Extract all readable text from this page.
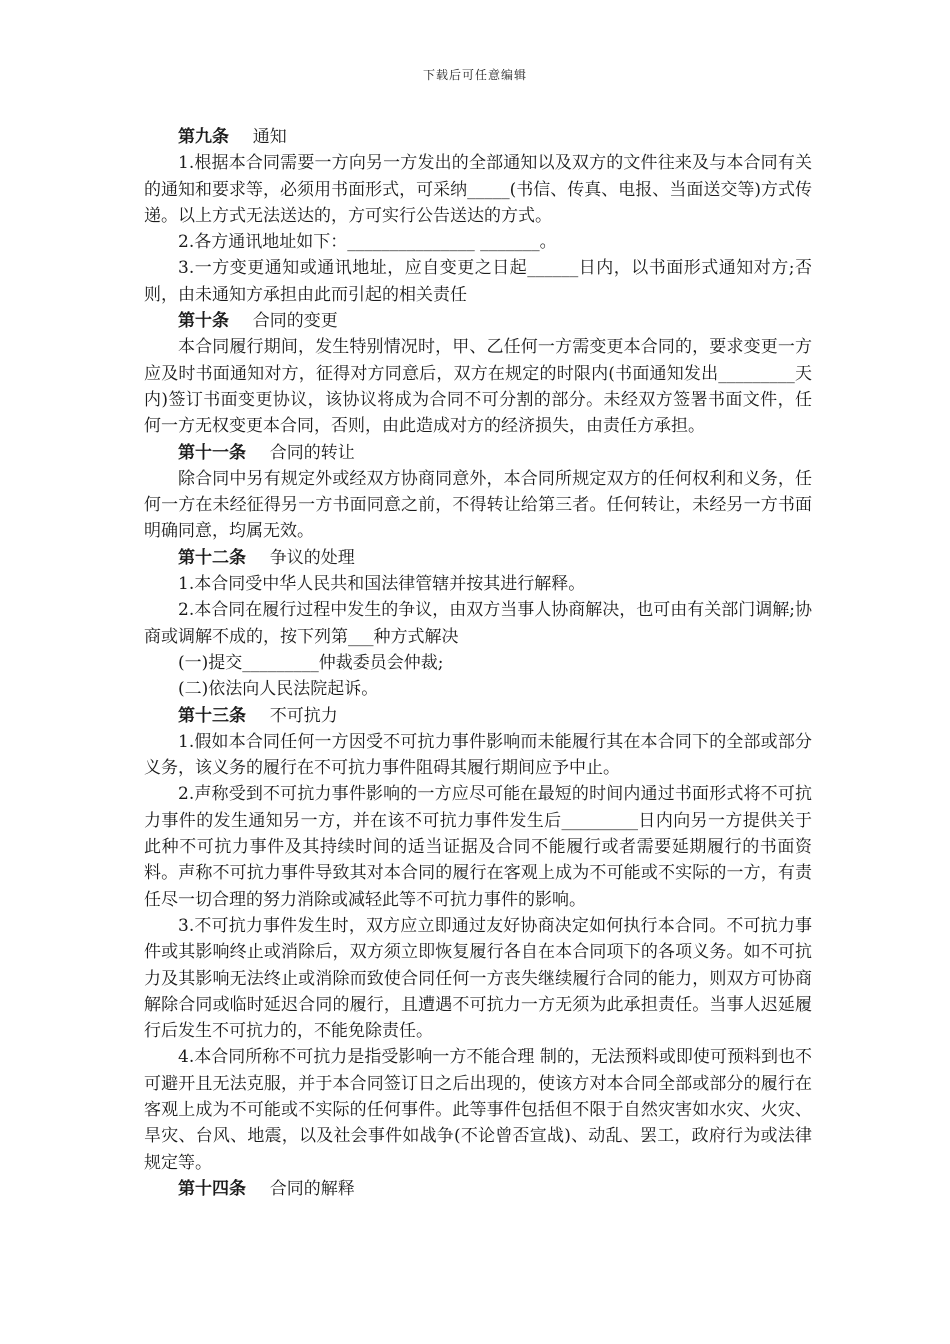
下载后可任意编辑

第九条 通知

1.根据本合同需要一方向另一方发出的全部通知以及双方的文件往来及与本合同有关的通知和要求等，必须用书面形式，可采纳_____(书信、传真、电报、当面送交等)方式传递。以上方式无法送达的，方可实行公告送达的方式。

2.各方通讯地址如下：_______________ _______。

3.一方变更通知或通讯地址，应自变更之日起______日内，以书面形式通知对方;否则，由未通知方承担由此而引起的相关责任

第十条 合同的变更

本合同履行期间，发生特别情况时，甲、乙任何一方需变更本合同的，要求变更一方应及时书面通知对方，征得对方同意后，双方在规定的时限内(书面通知发出_________天内)签订书面变更协议，该协议将成为合同不可分割的部分。未经双方签署书面文件，任何一方无权变更本合同，否则，由此造成对方的经济损失，由责任方承担。

第十一条 合同的转让

除合同中另有规定外或经双方协商同意外，本合同所规定双方的任何权利和义务，任何一方在未经征得另一方书面同意之前，不得转让给第三者。任何转让，未经另一方书面明确同意，均属无效。

第十二条 争议的处理

1.本合同受中华人民共和国法律管辖并按其进行解释。

2.本合同在履行过程中发生的争议，由双方当事人协商解决，也可由有关部门调解;协商或调解不成的，按下列第___种方式解决

(一)提交_________仲裁委员会仲裁;

(二)依法向人民法院起诉。

第十三条 不可抗力

1.假如本合同任何一方因受不可抗力事件影响而未能履行其在本合同下的全部或部分义务，该义务的履行在不可抗力事件阻碍其履行期间应予中止。

2.声称受到不可抗力事件影响的一方应尽可能在最短的时间内通过书面形式将不可抗力事件的发生通知另一方，并在该不可抗力事件发生后_________日内向另一方提供关于此种不可抗力事件及其持续时间的适当证据及合同不能履行或者需要延期履行的书面资料。声称不可抗力事件导致其对本合同的履行在客观上成为不可能或不实际的一方，有责任尽一切合理的努力消除或减轻此等不可抗力事件的影响。

3.不可抗力事件发生时，双方应立即通过友好协商决定如何执行本合同。不可抗力事件或其影响终止或消除后，双方须立即恢复履行各自在本合同项下的各项义务。如不可抗力及其影响无法终止或消除而致使合同任何一方丧失继续履行合同的能力，则双方可协商解除合同或临时延迟合同的履行，且遭遇不可抗力一方无须为此承担责任。当事人迟延履行后发生不可抗力的，不能免除责任。

4.本合同所称不可抗力是指受影响一方不能合理 制的，无法预料或即使可预料到也不可避开且无法克服，并于本合同签订日之后出现的，使该方对本合同全部或部分的履行在客观上成为不可能或不实际的任何事件。此等事件包括但不限于自然灾害如水灾、火灾、旱灾、台风、地震，以及社会事件如战争(不论曾否宣战)、动乱、罢工，政府行为或法律规定等。

第十四条 合同的解释
